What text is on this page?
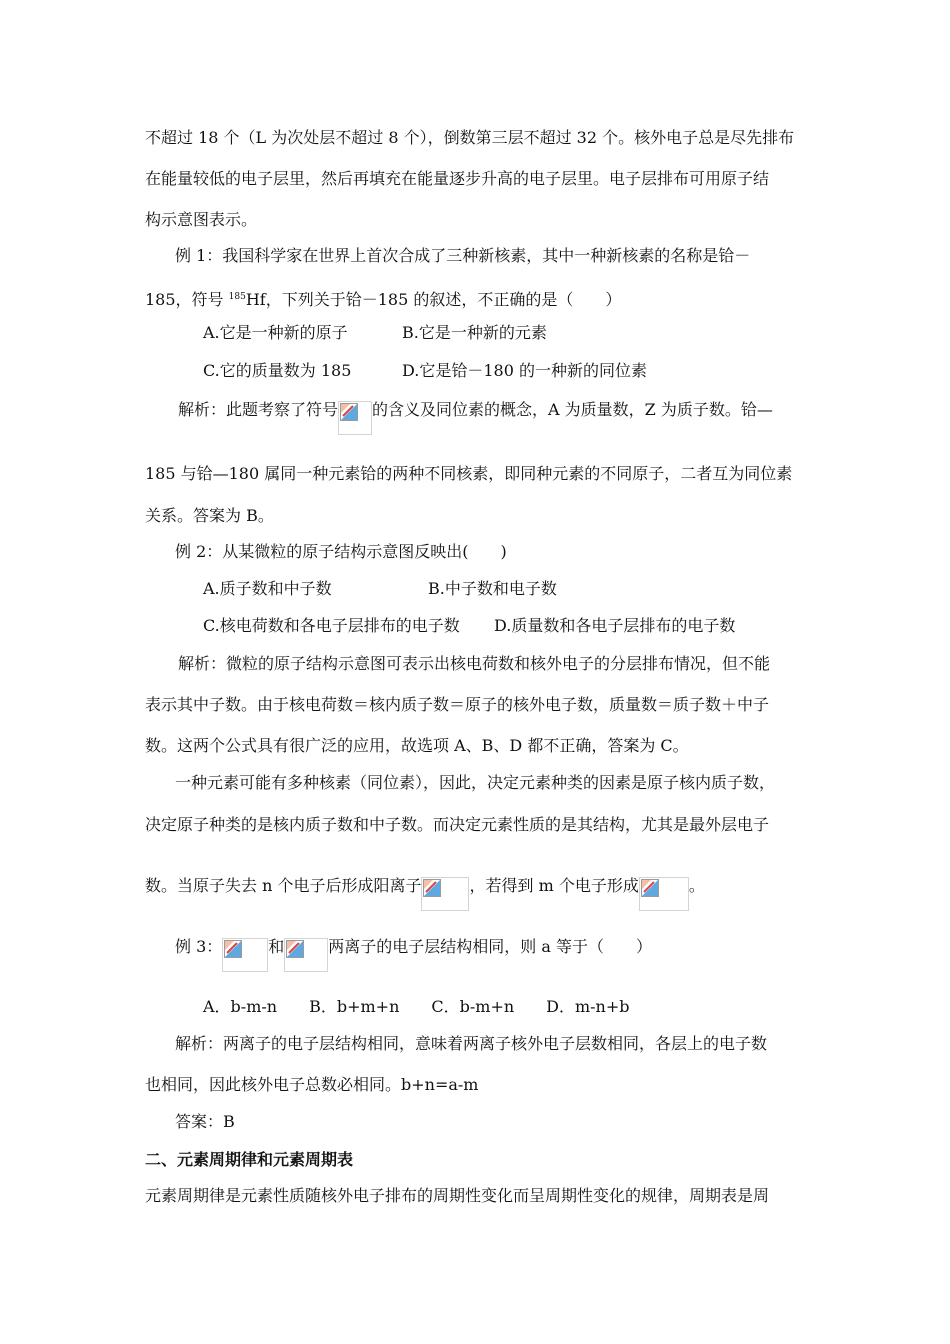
不超过 18 个（L 为次处层不超过 8 个），倒数第三层不超过 32 个。核外电子总是尽先排布
在能量较低的电子层里，然后再填充在能量逐步升高的电子层里。电子层排布可用原子结
构示意图表示。
例 1：我国科学家在世界上首次合成了三种新核素，其中一种新核素的名称是铪－
185，符号 $^{185}$Hf，下列关于铪－185 的叙述，不正确的是（　　）
A.它是一种新的原子	B.它是一种新的元素
C.它的质量数为 185	D.它是铪－180 的一种新的同位素
解析：此题考察了符号 的含义及同位素的概念，A 为质量数，Z 为质子数。铪—
185 与铪—180 属同一种元素铪的两种不同核素，即同种元素的不同原子，二者互为同位素
关系。答案为 B。
例 2：从某微粒的原子结构示意图反映出(　　)
A.质子数和中子数	B.中子数和电子数
C.核电荷数和各电子层排布的电子数 D.质量数和各电子层排布的电子数
解析：微粒的原子结构示意图可表示出核电荷数和核外电子的分层排布情况，但不能
表示其中子数。由于核电荷数＝核内质子数＝原子的核外电子数，质量数＝质子数＋中子
数。这两个公式具有很广泛的应用，故选项 A、B、D 都不正确，答案为 C。
一种元素可能有多种核素（同位素），因此，决定元素种类的因素是原子核内质子数，
决定原子种类的是核内质子数和中子数。而决定元素性质的是其结构，尤其是最外层电子
数。当原子失去 n 个电子后形成阳离子	，若得到 m 个电子形成	。
例 3：	和	两离子的电子层结构相同，则 a 等于（　　）
A．b-m-n　　B．b+m+n　　C．b-m+n　　D．m-n+b
解析：两离子的电子层结构相同，意味着两离子核外电子层数相同，各层上的电子数
也相同，因此核外电子总数必相同。b+n=a-m
答案：B
二、元素周期律和元素周期表
元素周期律是元素性质随核外电子排布的周期性变化而呈周期性变化的规律，周期表是周
